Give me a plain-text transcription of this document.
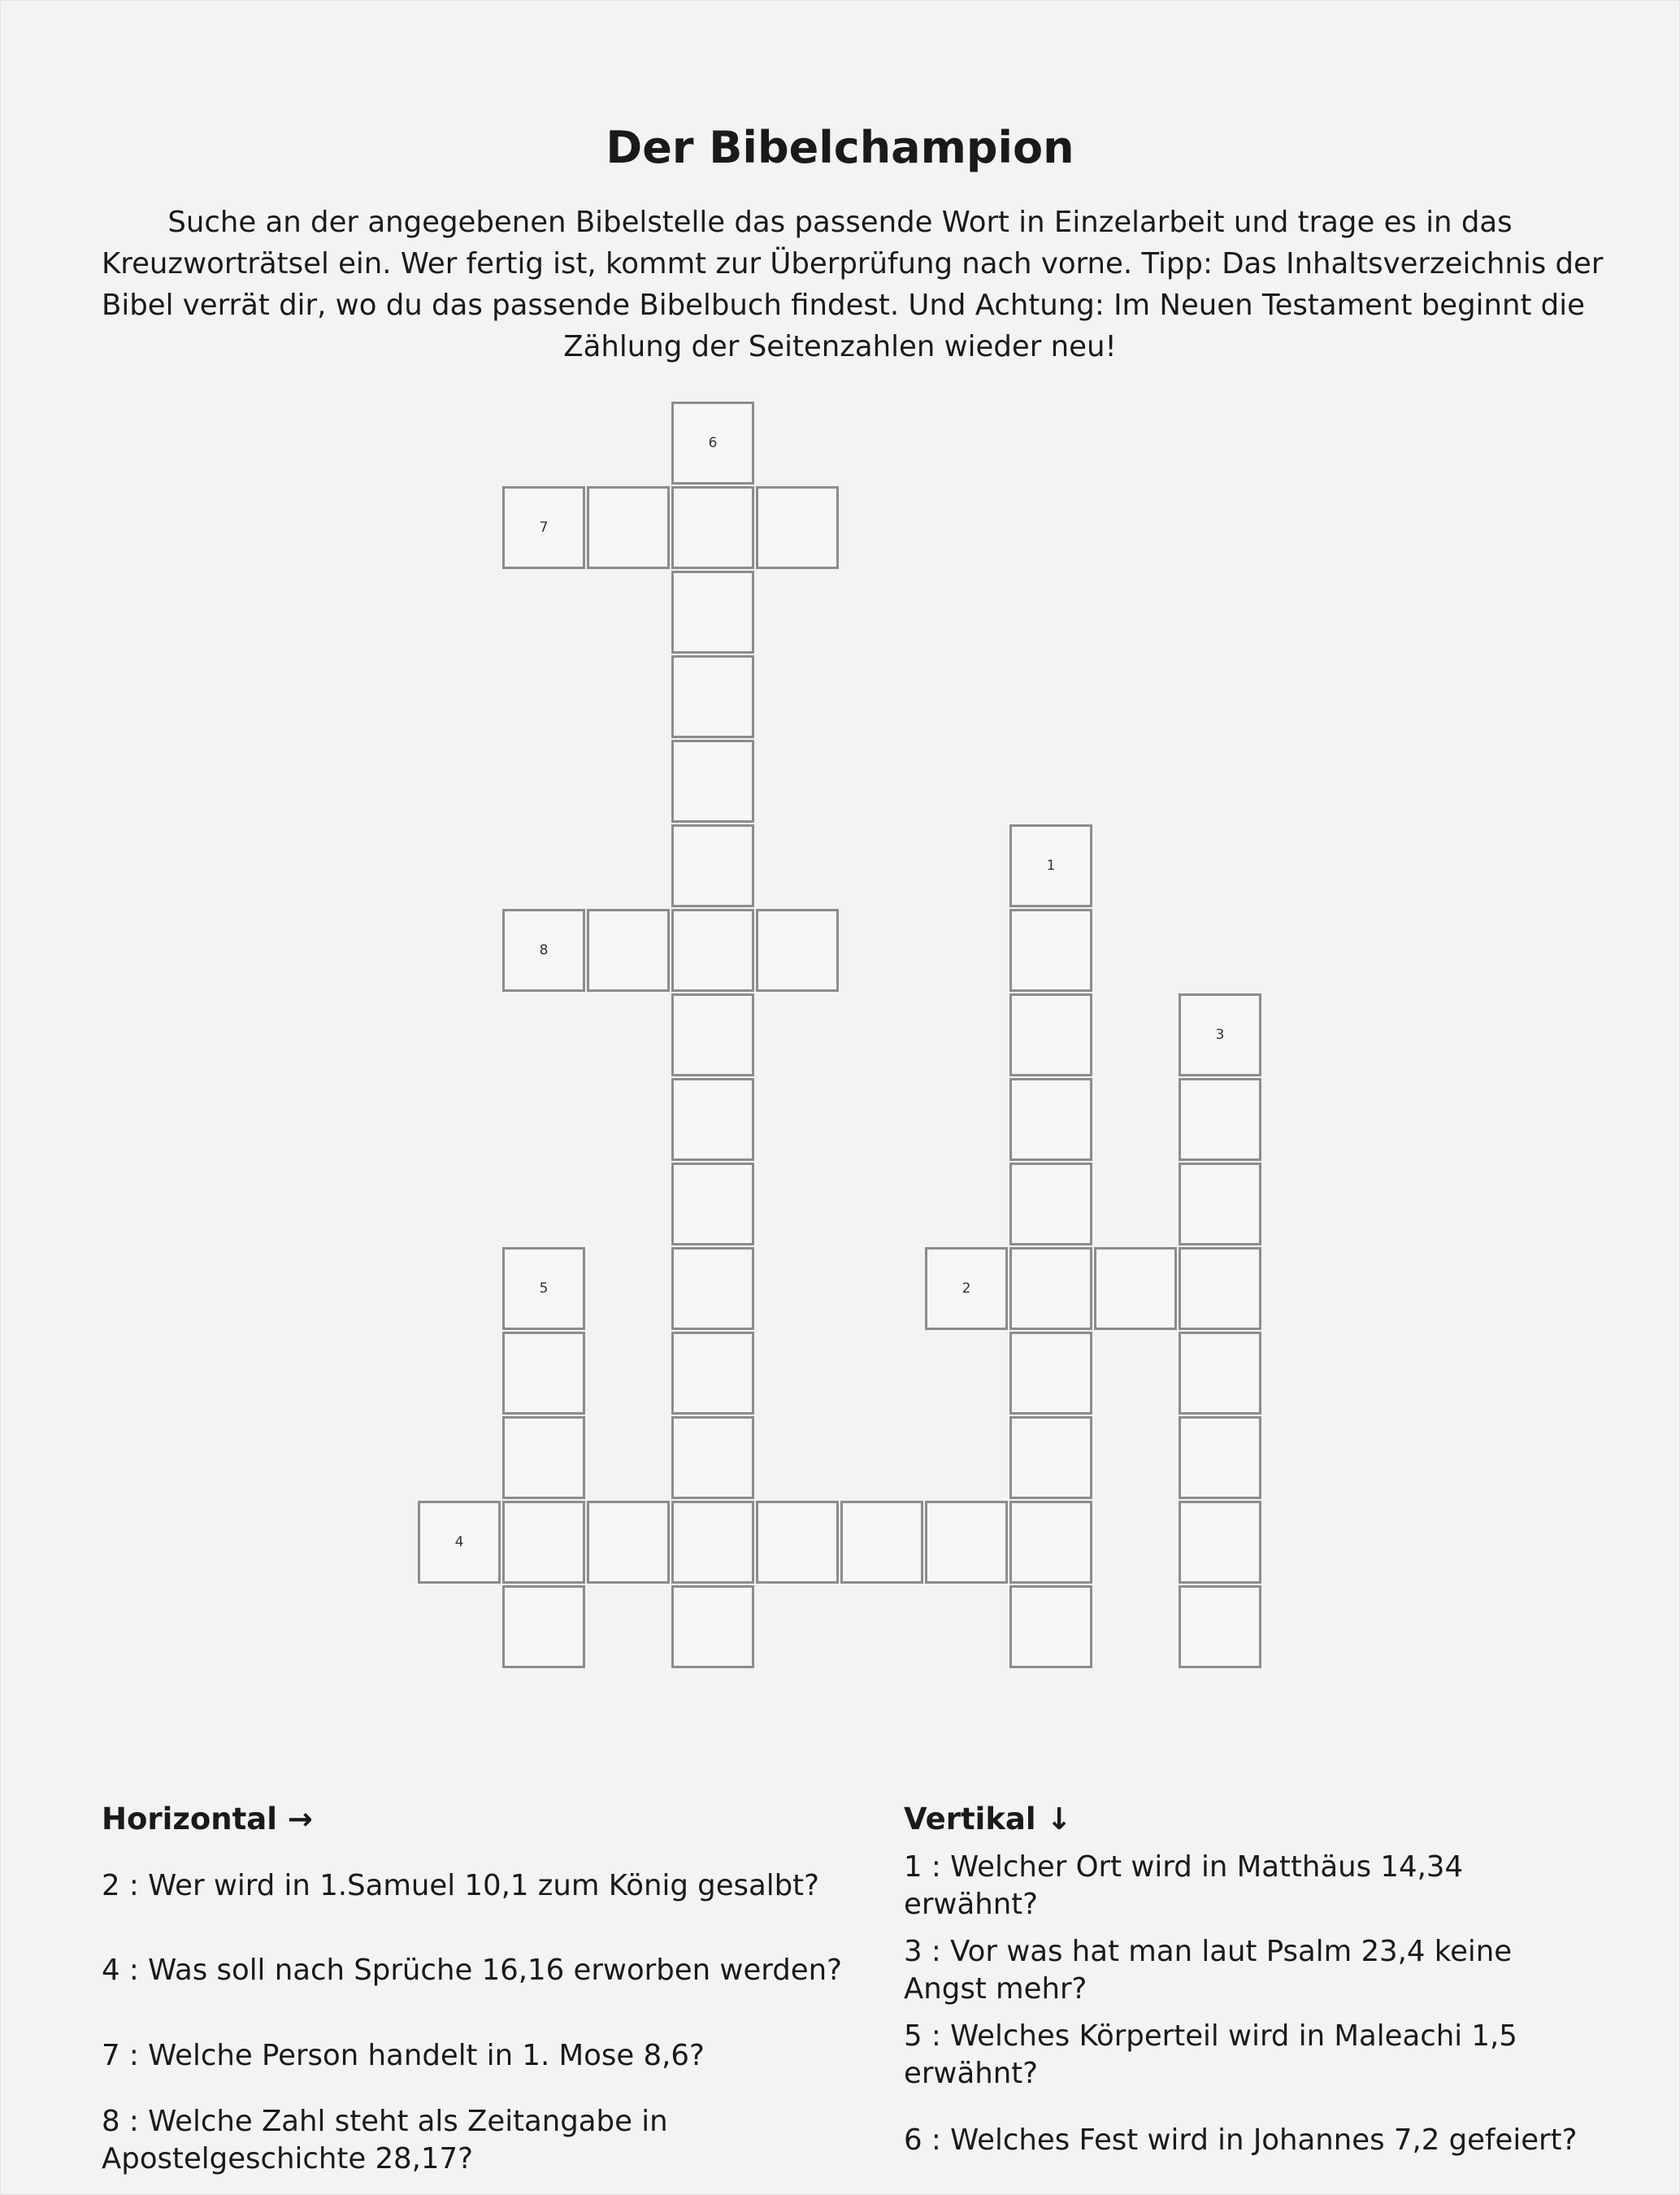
Der Bibelchampion
Suche an der angegebenen Bibelstelle das passende Wort in Einzelarbeit und trage es in das
Kreuzworträtsel ein. Wer fertig ist, kommt zur Überprüfung nach vorne. Tipp: Das Inhaltsverzeichnis der
Bibel verrät dir, wo du das passende Bibelbuch findest. Und Achtung: Im Neuen Testament beginnt die
Zählung der Seitenzahlen wieder neu!
6
7
8
1
3
2
5
4
Horizontal →
2 : Wer wird in 1.Samuel 10,1 zum König gesalbt?
4 : Was soll nach Sprüche 16,16 erworben werden?
7 : Welche Person handelt in 1. Mose 8,6?
8 : Welche Zahl steht als Zeitangabe in Apostelgeschichte 28,17?
Vertikal ↓
1 : Welcher Ort wird in Matthäus 14,34 erwähnt?
3 : Vor was hat man laut Psalm 23,4 keine Angst mehr?
5 : Welches Körperteil wird in Maleachi 1,5 erwähnt?
6 : Welches Fest wird in Johannes 7,2 gefeiert?
